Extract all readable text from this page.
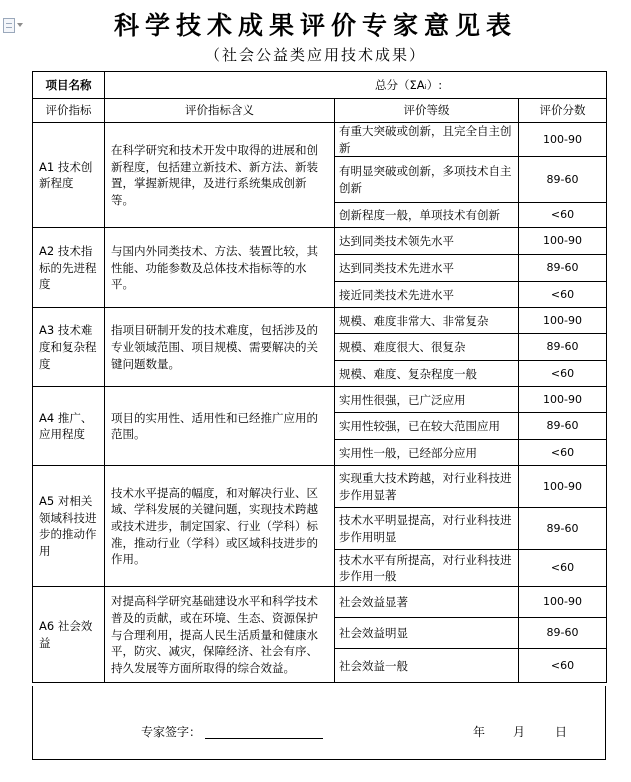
科学技术成果评价专家意见表
（社会公益类应用技术成果）
项目名称	总分（ΣAᵢ）:		
评价指标	评价指标含义	评价等级	评价分数
A1 技术创新程度	在科学研究和技术开发中取得的进展和创新程度，包括建立新技术、新方法、新装置，掌握新规律，及进行系统集成创新等。	有重大突破或创新，且完全自主创新	100-90
		有明显突破或创新，多项技术自主创新	89-60
		创新程度一般，单项技术有创新	<60
A2 技术指标的先进程度	与国内外同类技术、方法、装置比较，其性能、功能参数及总体技术指标等的水平。	达到同类技术领先水平	100-90
		达到同类技术先进水平	89-60
		接近同类技术先进水平	<60
A3 技术难度和复杂程度	指项目研制开发的技术难度，包括涉及的专业领域范围、项目规模、需要解决的关键问题数量。	规模、难度非常大、非常复杂	100-90
		规模、难度很大、很复杂	89-60
		规模、难度、复杂程度一般	<60
A4 推广、应用程度	项目的实用性、适用性和已经推广应用的范围。	实用性很强，已广泛应用	100-90
		实用性较强，已在较大范围应用	89-60
		实用性一般，已经部分应用	<60
A5 对相关领域科技进步的推动作用	技术水平提高的幅度，和对解决行业、区域、学科发展的关键问题，实现技术跨越或技术进步，制定国家、行业（学科）标准，推动行业（学科）或区域科技进步的作用。	实现重大技术跨越，对行业科技进步作用显著	100-90
		技术水平明显提高，对行业科技进步作用明显	89-60
		技术水平有所提高，对行业科技进步作用一般	<60
A6 社会效益	对提高科学研究基础建设水平和科学技术普及的贡献，或在环境、生态、资源保护与合理利用，提高人民生活质量和健康水平，防灾、减灾，保障经济、社会有序、持久发展等方面所取得的综合效益。	社会效益显著	100-90
		社会效益明显	89-60
		社会效益一般	<60
专家签字：	年 月 日
